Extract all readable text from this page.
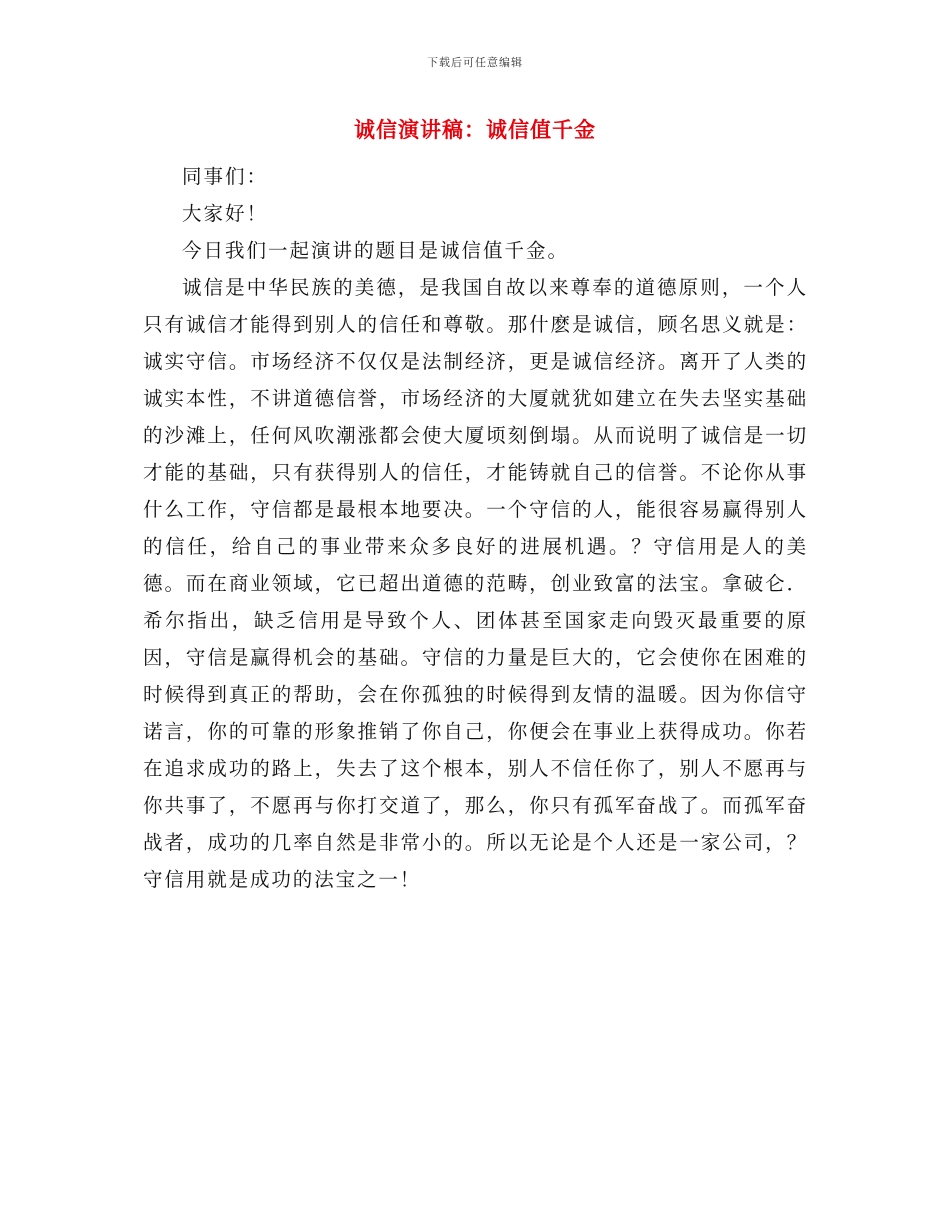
下载后可任意编辑
诚信演讲稿：诚信值千金

同事们：

大家好！

今日我们一起演讲的题目是诚信值千金。

诚信是中华民族的美德，是我国自故以来尊奉的道德原则，一个人只有诚信才能得到别人的信任和尊敬。那什麽是诚信，顾名思义就是：诚实守信。市场经济不仅仅是法制经济，更是诚信经济。离开了人类的诚实本性，不讲道德信誉，市场经济的大厦就犹如建立在失去坚实基础的沙滩上，任何风吹潮涨都会使大厦顷刻倒塌。从而说明了诚信是一切才能的基础，只有获得别人的信任，才能铸就自己的信誉。不论你从事什么工作，守信都是最根本地要决。一个守信的人，能很容易赢得别人的信任，给自己的事业带来众多良好的进展机遇。？守信用是人的美德。而在商业领域，它已超出道德的范畴，创业致富的法宝。拿破仑．希尔指出，缺乏信用是导致个人、团体甚至国家走向毁灭最重要的原因，守信是赢得机会的基础。守信的力量是巨大的，它会使你在困难的时候得到真正的帮助，会在你孤独的时候得到友情的温暖。因为你信守诺言，你的可靠的形象推销了你自己，你便会在事业上获得成功。你若在追求成功的路上，失去了这个根本，别人不信任你了，别人不愿再与你共事了，不愿再与你打交道了，那么，你只有孤军奋战了。而孤军奋战者，成功的几率自然是非常小的。所以无论是个人还是一家公司，？守信用就是成功的法宝之一！
